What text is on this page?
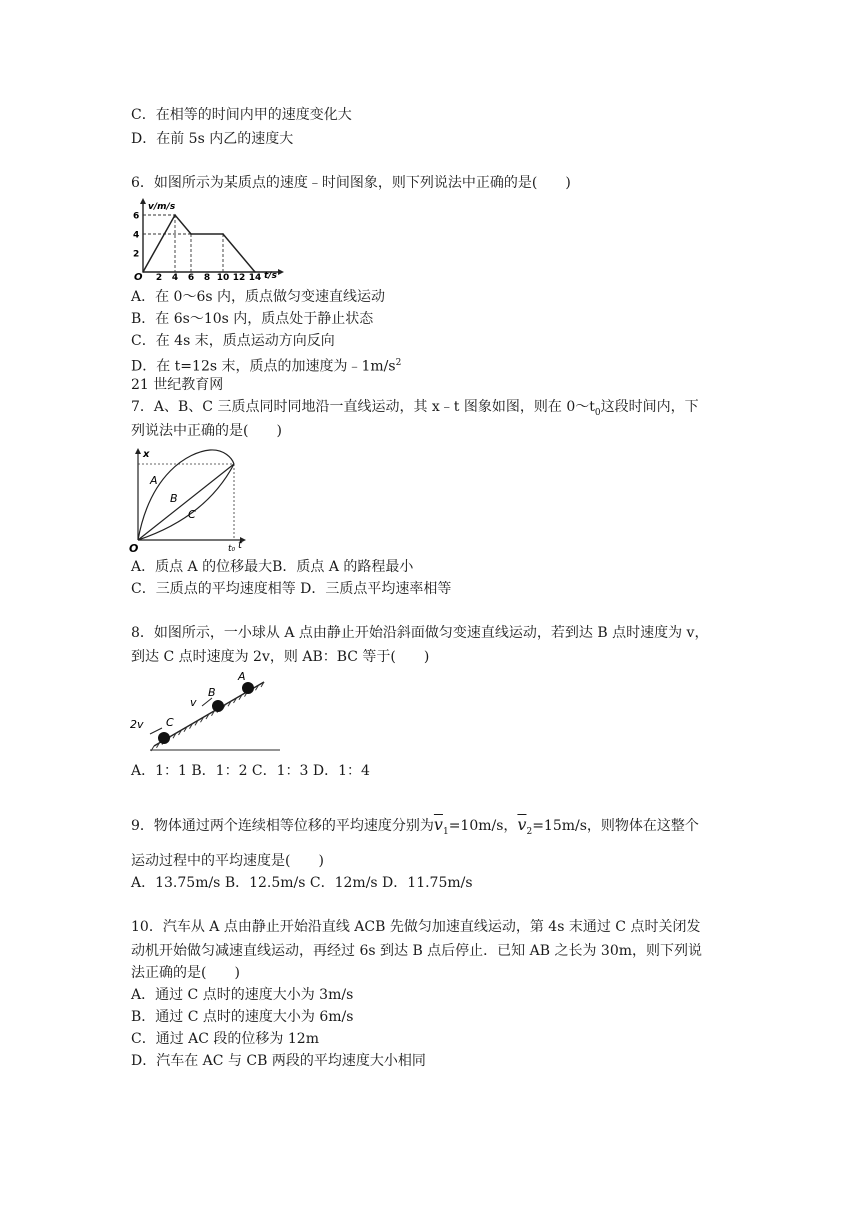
C．在相等的时间内甲的速度变化大
D．在前 5s 内乙的速度大
6．如图所示为某质点的速度﹣时间图象，则下列说法中正确的是(　　)
v/m/s
t/s
O
2
4
6
2 4 6 8 10 12 14
A．在 0～6s 内，质点做匀变速直线运动
B．在 6s～10s 内，质点处于静止状态
C．在 4s 末，质点运动方向反向
D．在 t=12s 末，质点的加速度为$﹣1m/s^2$
21 世纪教育网
7．A、B、C 三质点同时同地沿一直线运动，其 x﹣t 图象如图，则在 $0\sim t_0$这段时间内，下
列说法中正确的是(　　)
x
t
O	t₀
A
B
C
A．质点 A 的位移最大B．质点 A 的路程最小
C．三质点的平均速度相等 D．三质点平均速率相等
8．如图所示，一小球从 A 点由静止开始沿斜面做匀变速直线运动，若到达 B 点时速度为 v，
到达 C 点时速度为 2v，则 AB：BC 等于(　　)
A
B
v
C
2v
A．1：1 B．1：2 C．1：3 D．1：4
9．物体通过两个连续相等位移的平均速度分别为$\overline{v}_1=10m/s$，$\overline{v}_2=15m/s$，则物体在这整个
运动过程中的平均速度是(　　)
A．13.75m/s B．12.5m/s C．12m/s D．11.75m/s
10．汽车从 A 点由静止开始沿直线 ACB 先做匀加速直线运动，第 4s 末通过 C 点时关闭发
动机开始做匀减速直线运动，再经过 6s 到达 B 点后停止．已知 AB 之长为 30m，则下列说
法正确的是(　　)
A．通过 C 点时的速度大小为 3m/s
B．通过 C 点时的速度大小为 6m/s
C．通过 AC 段的位移为 12m
D．汽车在 AC 与 CB 两段的平均速度大小相同
